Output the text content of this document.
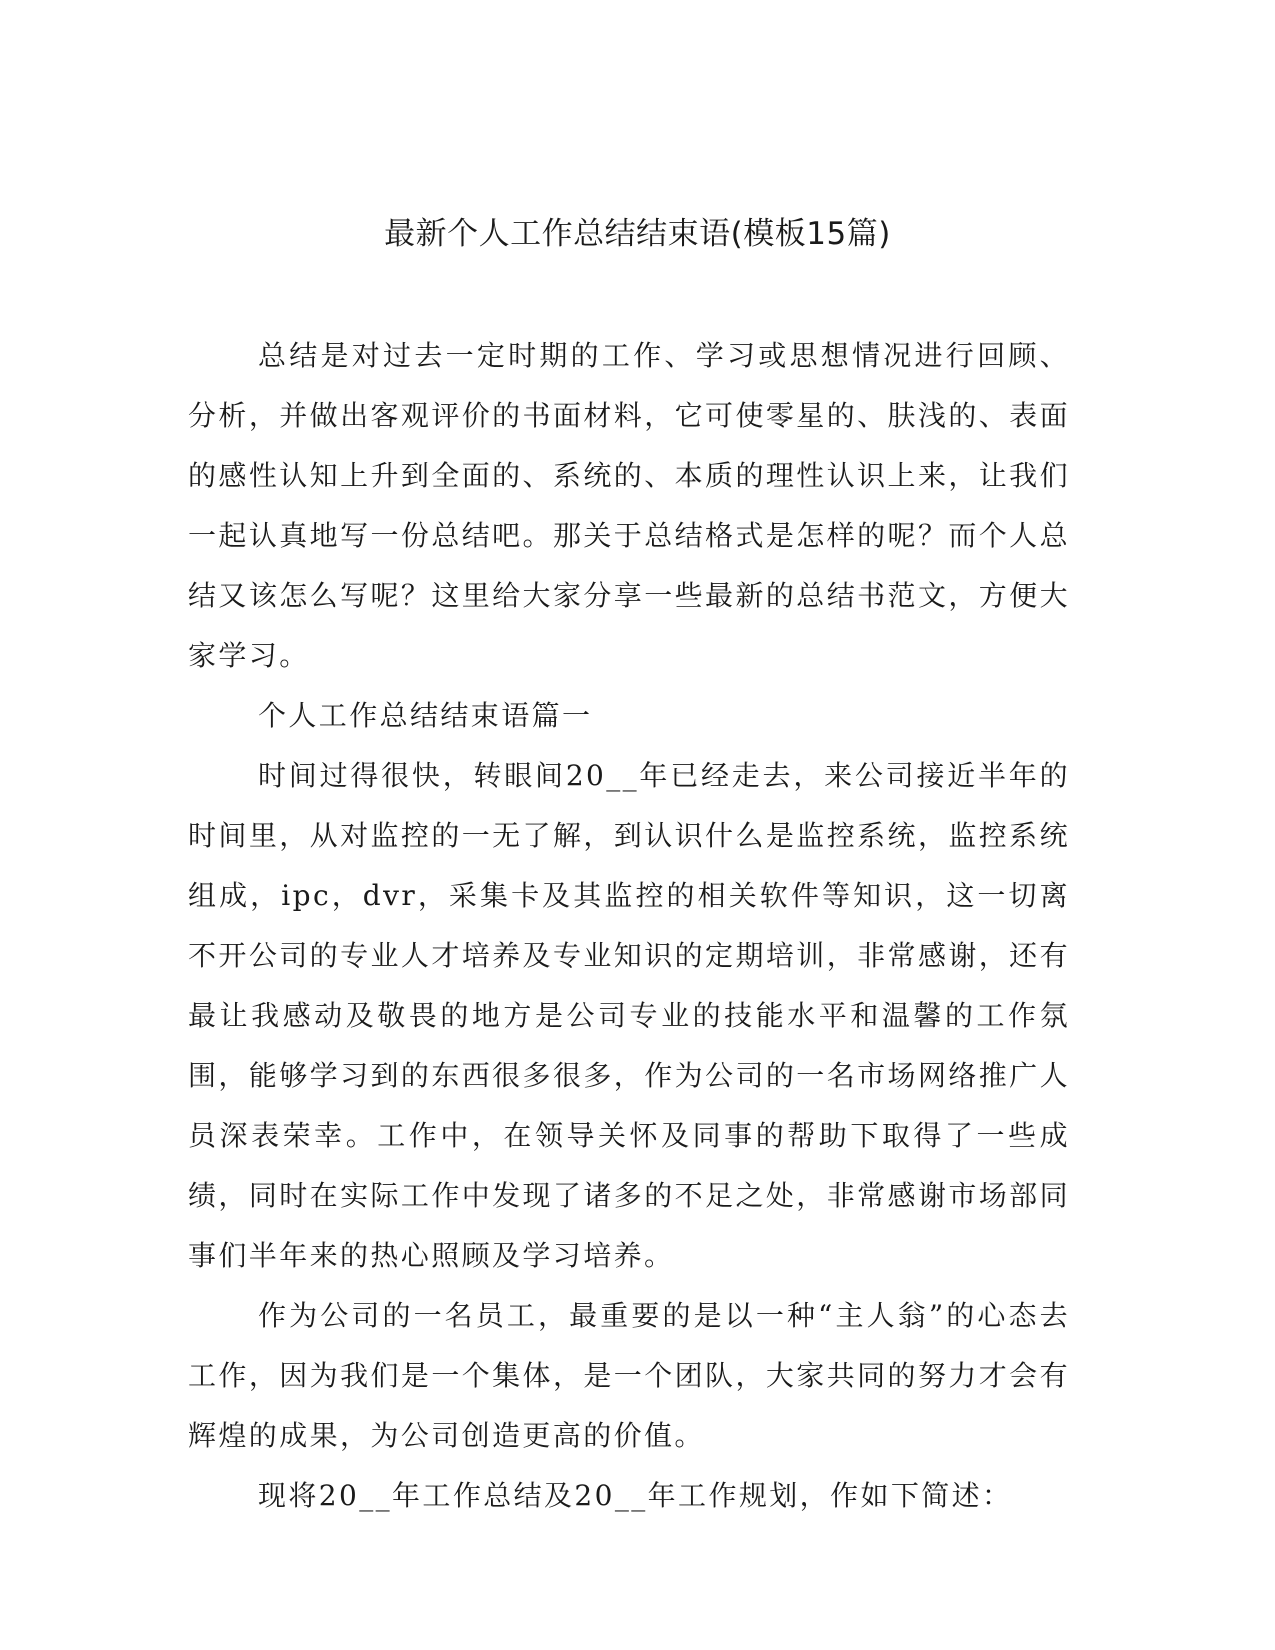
最新个人工作总结结束语(模板15篇)

总结是对过去一定时期的工作、学习或思想情况进行回顾、分析，并做出客观评价的书面材料，它可使零星的、肤浅的、表面的感性认知上升到全面的、系统的、本质的理性认识上来，让我们一起认真地写一份总结吧。那关于总结格式是怎样的呢？而个人总结又该怎么写呢？这里给大家分享一些最新的总结书范文，方便大家学习。

个人工作总结结束语篇一

时间过得很快，转眼间20__年已经走去，来公司接近半年的时间里，从对监控的一无了解，到认识什么是监控系统，监控系统组成，ipc，dvr，采集卡及其监控的相关软件等知识，这一切离不开公司的专业人才培养及专业知识的定期培训，非常感谢，还有最让我感动及敬畏的地方是公司专业的技能水平和温馨的工作氛围，能够学习到的东西很多很多，作为公司的一名市场网络推广人员深表荣幸。工作中，在领导关怀及同事的帮助下取得了一些成绩，同时在实际工作中发现了诸多的不足之处，非常感谢市场部同事们半年来的热心照顾及学习培养。

作为公司的一名员工，最重要的是以一种“主人翁”的心态去工作，因为我们是一个集体，是一个团队，大家共同的努力才会有辉煌的成果，为公司创造更高的价值。

现将20__年工作总结及20__年工作规划，作如下简述：
